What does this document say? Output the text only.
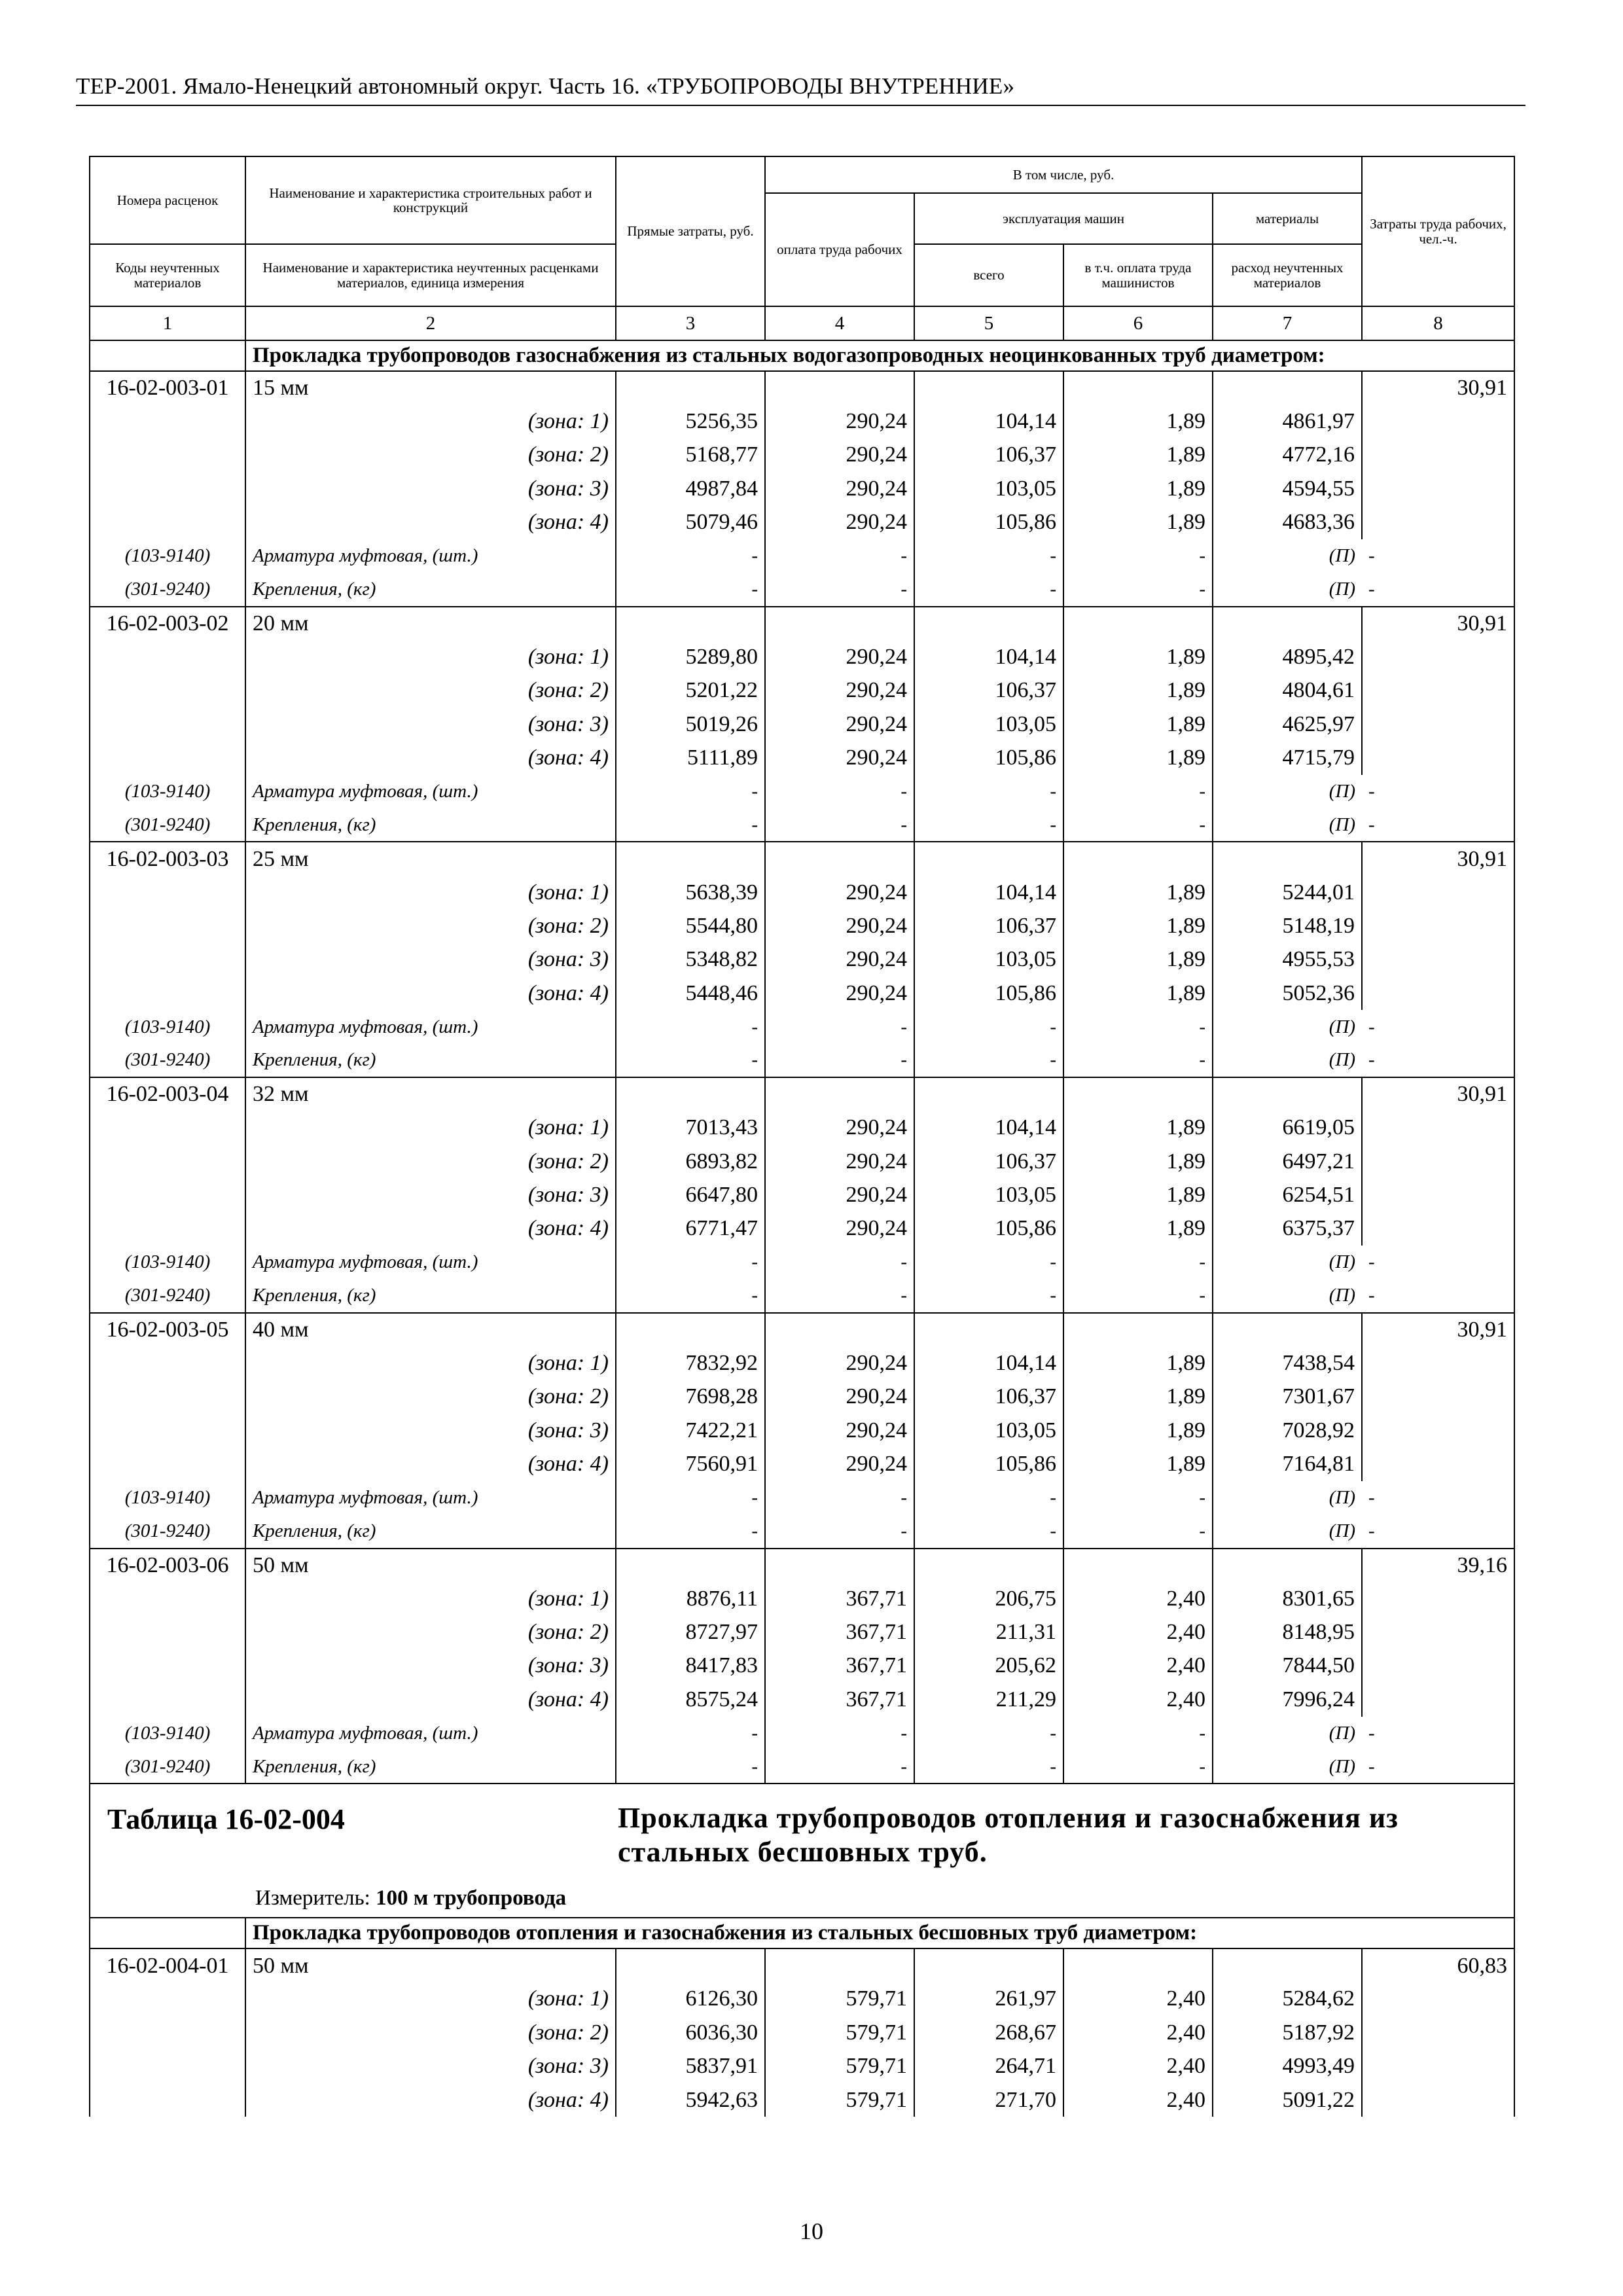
ТЕР-2001. Ямало-Ненецкий автономный округ. Часть 16. «ТРУБОПРОВОДЫ ВНУТРЕННИЕ»
Номера расценок	Наименование и характеристика строительных работ и конструкций	Прямые затраты, руб.	В том числе, руб.				Затраты труда рабочих, чел.-ч.
			оплата труда рабочих	эксплуатация машин		материалы	
Коды неучтенных материалов	Наименование и характеристика неучтенных расценками материалов, единица измерения			всего	в т.ч. оплата труда машинистов	расход неучтенных материалов	
1	2	3	4	5	6	7	8
	Прокладка трубопроводов газоснабжения из стальных водогазопроводных неоцинкованных труб диаметром:						
16-02-003-01	15 мм						30,91
	(зона: 1)	5256,35	290,24	104,14	1,89	4861,97	
	(зона: 2)	5168,77	290,24	106,37	1,89	4772,16	
	(зона: 3)	4987,84	290,24	103,05	1,89	4594,55	
	(зона: 4)	5079,46	290,24	105,86	1,89	4683,36	
(103-9140)	Арматура муфтовая, (шт.)	-	-	-	-	(П)	-
(301-9240)	Крепления, (кг)	-	-	-	-	(П)	-
16-02-003-02	20 мм						30,91
	(зона: 1)	5289,80	290,24	104,14	1,89	4895,42	
	(зона: 2)	5201,22	290,24	106,37	1,89	4804,61	
	(зона: 3)	5019,26	290,24	103,05	1,89	4625,97	
	(зона: 4)	5111,89	290,24	105,86	1,89	4715,79	
(103-9140)	Арматура муфтовая, (шт.)	-	-	-	-	(П)	-
(301-9240)	Крепления, (кг)	-	-	-	-	(П)	-
16-02-003-03	25 мм						30,91
	(зона: 1)	5638,39	290,24	104,14	1,89	5244,01	
	(зона: 2)	5544,80	290,24	106,37	1,89	5148,19	
	(зона: 3)	5348,82	290,24	103,05	1,89	4955,53	
	(зона: 4)	5448,46	290,24	105,86	1,89	5052,36	
(103-9140)	Арматура муфтовая, (шт.)	-	-	-	-	(П)	-
(301-9240)	Крепления, (кг)	-	-	-	-	(П)	-
16-02-003-04	32 мм						30,91
	(зона: 1)	7013,43	290,24	104,14	1,89	6619,05	
	(зона: 2)	6893,82	290,24	106,37	1,89	6497,21	
	(зона: 3)	6647,80	290,24	103,05	1,89	6254,51	
	(зона: 4)	6771,47	290,24	105,86	1,89	6375,37	
(103-9140)	Арматура муфтовая, (шт.)	-	-	-	-	(П)	-
(301-9240)	Крепления, (кг)	-	-	-	-	(П)	-
16-02-003-05	40 мм						30,91
	(зона: 1)	7832,92	290,24	104,14	1,89	7438,54	
	(зона: 2)	7698,28	290,24	106,37	1,89	7301,67	
	(зона: 3)	7422,21	290,24	103,05	1,89	7028,92	
	(зона: 4)	7560,91	290,24	105,86	1,89	7164,81	
(103-9140)	Арматура муфтовая, (шт.)	-	-	-	-	(П)	-
(301-9240)	Крепления, (кг)	-	-	-	-	(П)	-
16-02-003-06	50 мм						39,16
	(зона: 1)	8876,11	367,71	206,75	2,40	8301,65	
	(зона: 2)	8727,97	367,71	211,31	2,40	8148,95	
	(зона: 3)	8417,83	367,71	205,62	2,40	7844,50	
	(зона: 4)	8575,24	367,71	211,29	2,40	7996,24	
(103-9140)	Арматура муфтовая, (шт.)	-	-	-	-	(П)	-
(301-9240)	Крепления, (кг)	-	-	-	-	(П)	-

Таблица 16-02-004 Прокладка трубопроводов отопления и газоснабжения из стальных бесшовных труб.
Измеритель: 100 м трубопровода							

	Прокладка трубопроводов отопления и газоснабжения из стальных бесшовных труб диаметром:						
16-02-004-01	50 мм						60,83
	(зона: 1)	6126,30	579,71	261,97	2,40	5284,62	
	(зона: 2)	6036,30	579,71	268,67	2,40	5187,92	
	(зона: 3)	5837,91	579,71	264,71	2,40	4993,49	
	(зона: 4)	5942,63	579,71	271,70	2,40	5091,22	
10
